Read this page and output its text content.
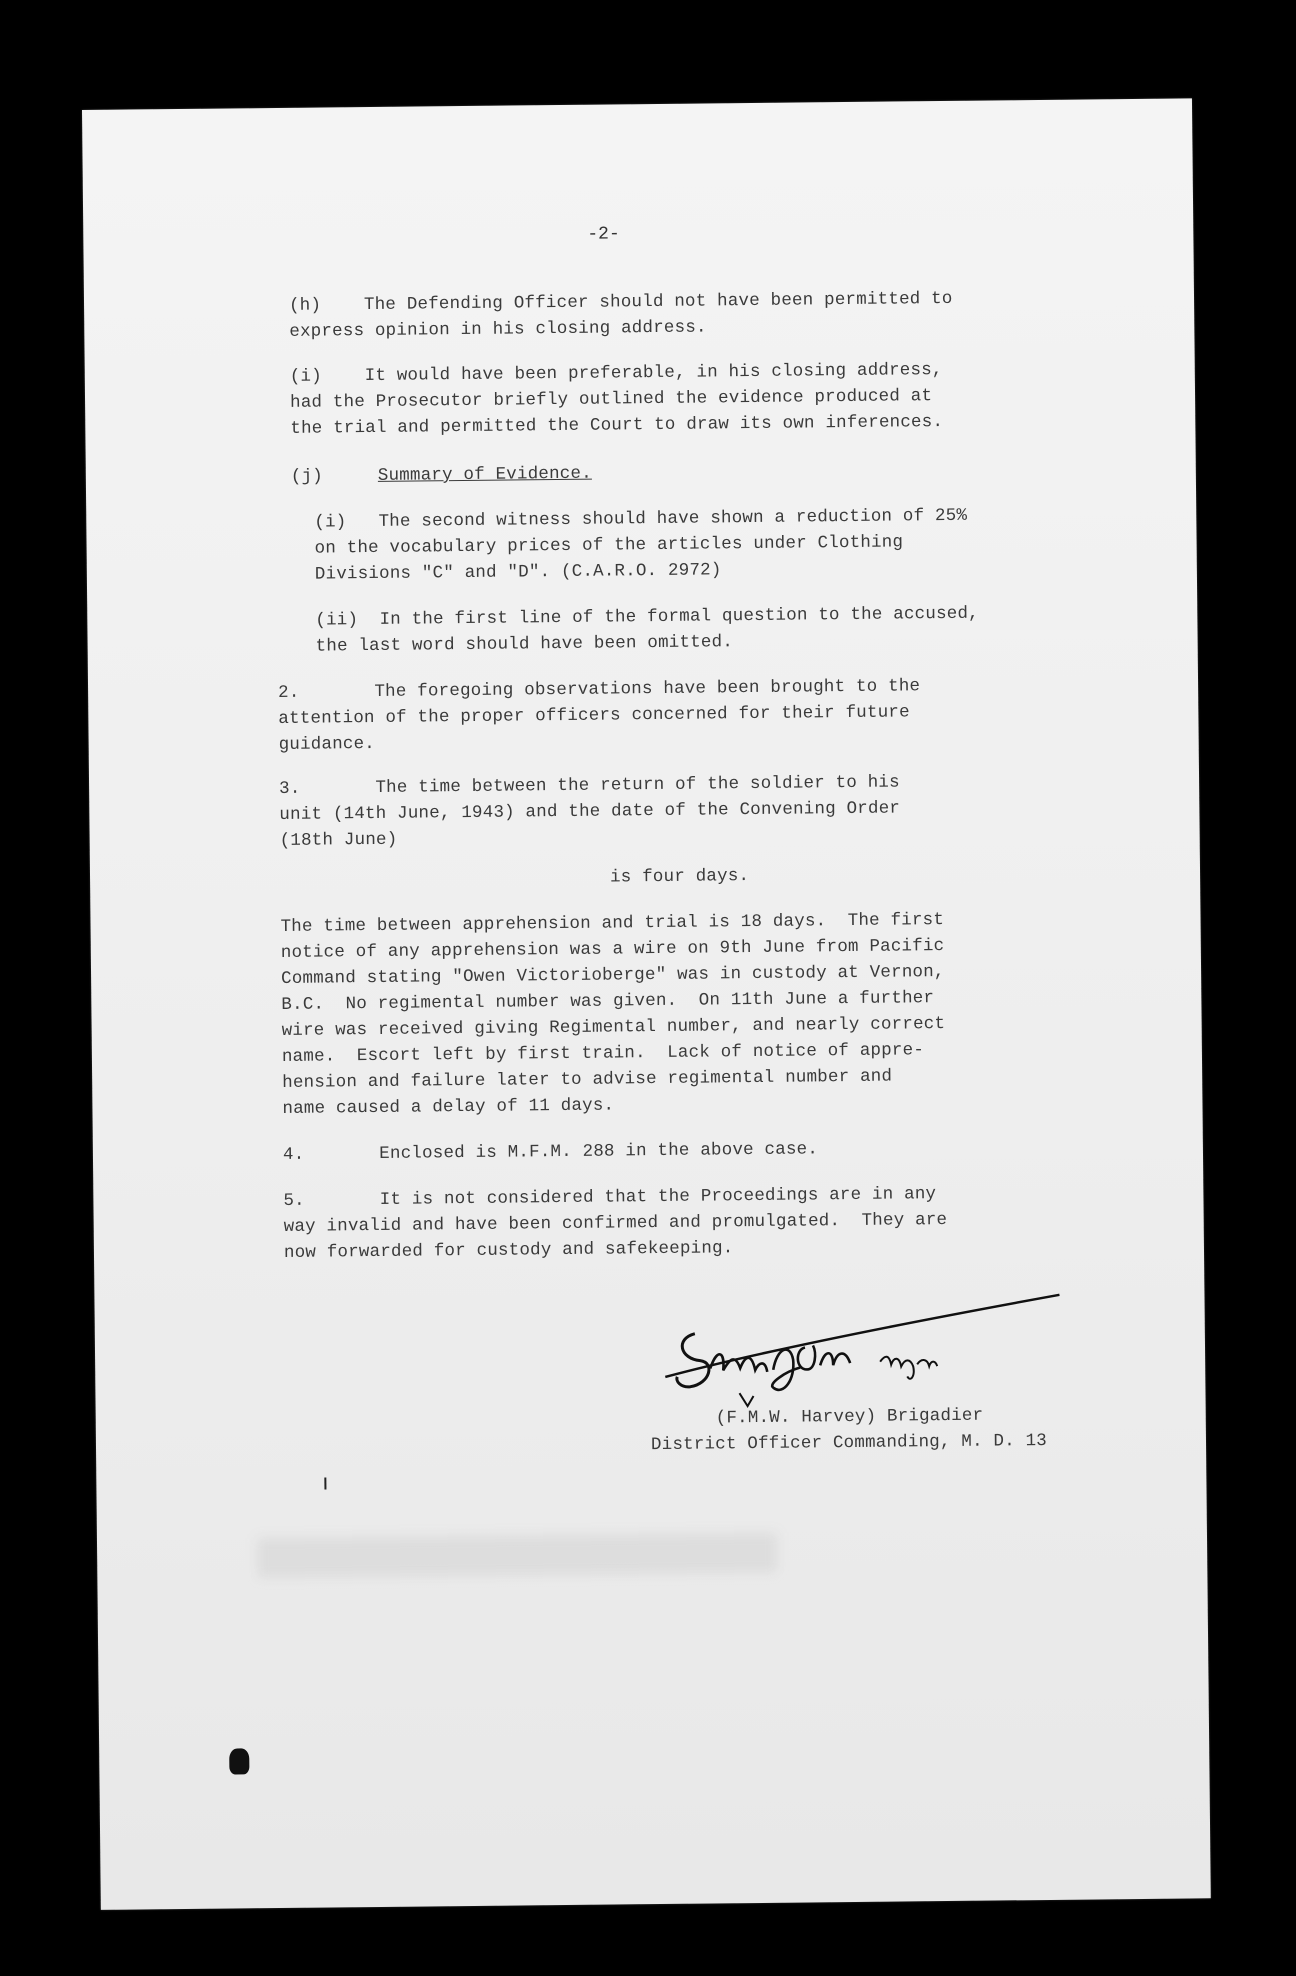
-2-
(h)    The Defending Officer should not have been permitted to
express opinion in his closing address.
(i)    It would have been preferable, in his closing address,
had the Prosecutor briefly outlined the evidence produced at
the trial and permitted the Court to draw its own inferences.
(j)	Summary of Evidence.
(i)   The second witness should have shown a reduction of 25%
on the vocabulary prices of the articles under Clothing
Divisions "C" and "D". (C.A.R.O. 2972)
(ii)  In the first line of the formal question to the accused,
the last word should have been omitted.
2.       The foregoing observations have been brought to the
attention of the proper officers concerned for their future
guidance.
3.       The time between the return of the soldier to his
unit (14th June, 1943) and the date of the Convening Order
(18th June)
is four days.
The time between apprehension and trial is 18 days.  The first
notice of any apprehension was a wire on 9th June from Pacific
Command stating "Owen Victorioberge" was in custody at Vernon,
B.C.  No regimental number was given.  On 11th June a further
wire was received giving Regimental number, and nearly correct
name.  Escort left by first train.  Lack of notice of appre-
hension and failure later to advise regimental number and
name caused a delay of 11 days.
4.       Enclosed is M.F.M. 288 in the above case.
5.       It is not considered that the Proceedings are in any
way invalid and have been confirmed and promulgated.  They are
now forwarded for custody and safekeeping.
(F.M.W. Harvey) Brigadier
District Officer Commanding, M. D. 13
